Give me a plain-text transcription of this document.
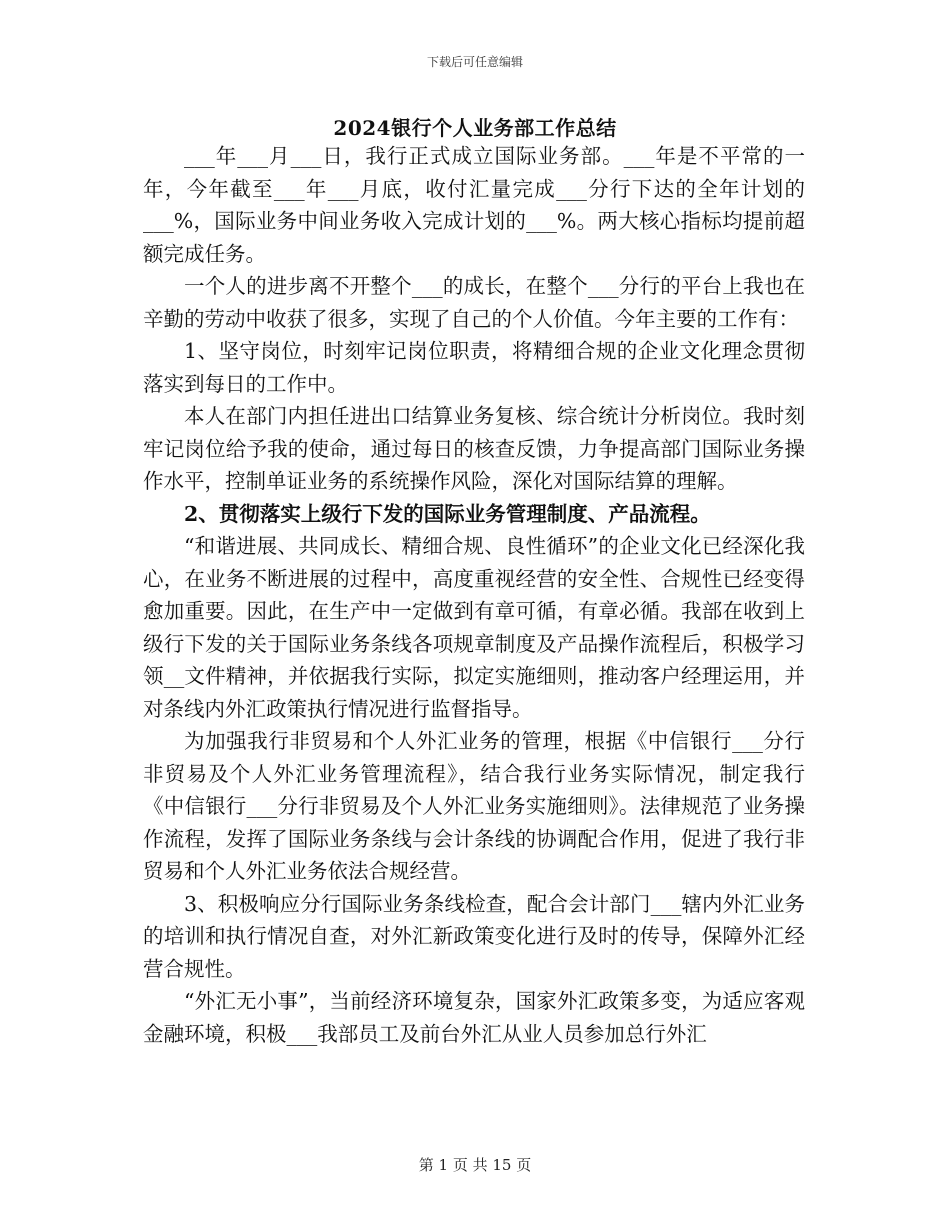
下载后可任意编辑
2024银行个人业务部工作总结

___年___月___日，我行正式成立国际业务部。___年是不平常的一年，今年截至___年___月底，收付汇量完成___分行下达的全年计划的___%，国际业务中间业务收入完成计划的___%。两大核心指标均提前超额完成任务。

一个人的进步离不开整个___的成长，在整个___分行的平台上我也在辛勤的劳动中收获了很多，实现了自己的个人价值。今年主要的工作有：

1、坚守岗位，时刻牢记岗位职责，将精细合规的企业文化理念贯彻落实到每日的工作中。

本人在部门内担任进出口结算业务复核、综合统计分析岗位。我时刻牢记岗位给予我的使命，通过每日的核查反馈，力争提高部门国际业务操作水平，控制单证业务的系统操作风险，深化对国际结算的理解。

2、贯彻落实上级行下发的国际业务管理制度、产品流程。

“和谐进展、共同成长、精细合规、良性循环”的企业文化已经深化我心，在业务不断进展的过程中，高度重视经营的安全性、合规性已经变得愈加重要。因此，在生产中一定做到有章可循，有章必循。我部在收到上级行下发的关于国际业务条线各项规章制度及产品操作流程后，积极学习领__文件精神，并依据我行实际，拟定实施细则，推动客户经理运用，并对条线内外汇政策执行情况进行监督指导。

为加强我行非贸易和个人外汇业务的管理，根据《中信银行___分行非贸易及个人外汇业务管理流程》，结合我行业务实际情况，制定我行《中信银行___分行非贸易及个人外汇业务实施细则》。法律规范了业务操作流程，发挥了国际业务条线与会计条线的协调配合作用，促进了我行非贸易和个人外汇业务依法合规经营。

3、积极响应分行国际业务条线检查，配合会计部门___辖内外汇业务的培训和执行情况自查，对外汇新政策变化进行及时的传导，保障外汇经营合规性。

“外汇无小事”，当前经济环境复杂，国家外汇政策多变，为适应客观金融环境，积极___我部员工及前台外汇从业人员参加总行外汇

第 1 页 共 15 页
